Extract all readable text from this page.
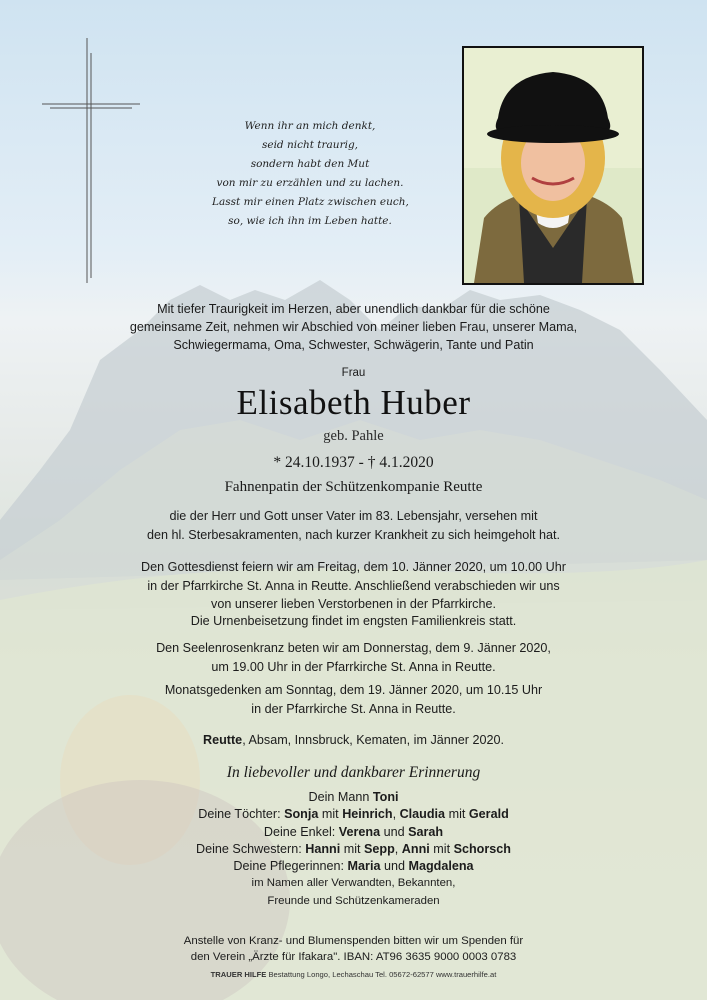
Wenn ihr an mich denkt,
seid nicht traurig,
sondern habt den Mut
von mir zu erzählen und zu lachen.
Lasst mir einen Platz zwischen euch,
so, wie ich ihn im Leben hatte.
Mit tiefer Traurigkeit im Herzen, aber unendlich dankbar für die schöne
gemeinsame Zeit, nehmen wir Abschied von meiner lieben Frau, unserer Mama,
Schwiegermama, Oma, Schwester, Schwägerin, Tante und Patin
Frau
Elisabeth Huber
geb. Pahle
* 24.10.1937 - † 4.1.2020
Fahnenpatin der Schützenkompanie Reutte
die der Herr und Gott unser Vater im 83. Lebensjahr, versehen mit
den hl. Sterbesakramenten, nach kurzer Krankheit zu sich heimgeholt hat.
Den Gottesdienst feiern wir am Freitag, dem 10. Jänner 2020, um 10.00 Uhr
in der Pfarrkirche St. Anna in Reutte. Anschließend verabschieden wir uns
von unserer lieben Verstorbenen in der Pfarrkirche.
Die Urnenbeisetzung findet im engsten Familienkreis statt.
Den Seelenrosenkranz beten wir am Donnerstag, dem 9. Jänner 2020,
um 19.00 Uhr in der Pfarrkirche St. Anna in Reutte.
Monatsgedenken am Sonntag, dem 19. Jänner 2020, um 10.15 Uhr
in der Pfarrkirche St. Anna in Reutte.
Reutte, Absam, Innsbruck, Kematen, im Jänner 2020.
In liebevoller und dankbarer Erinnerung
Dein Mann Toni
Deine Töchter: Sonja mit Heinrich, Claudia mit Gerald
Deine Enkel: Verena und Sarah
Deine Schwestern: Hanni mit Sepp, Anni mit Schorsch
Deine Pflegerinnen: Maria und Magdalena
im Namen aller Verwandten, Bekannten,
Freunde und Schützenkameraden
Anstelle von Kranz- und Blumenspenden bitten wir um Spenden für
den Verein „Ärzte für Ifakara". IBAN: AT96 3635 9000 0003 0783
TRAUER HILFE Bestattung Longo, Lechaschau Tel. 05672-62577 www.trauerhilfe.at
